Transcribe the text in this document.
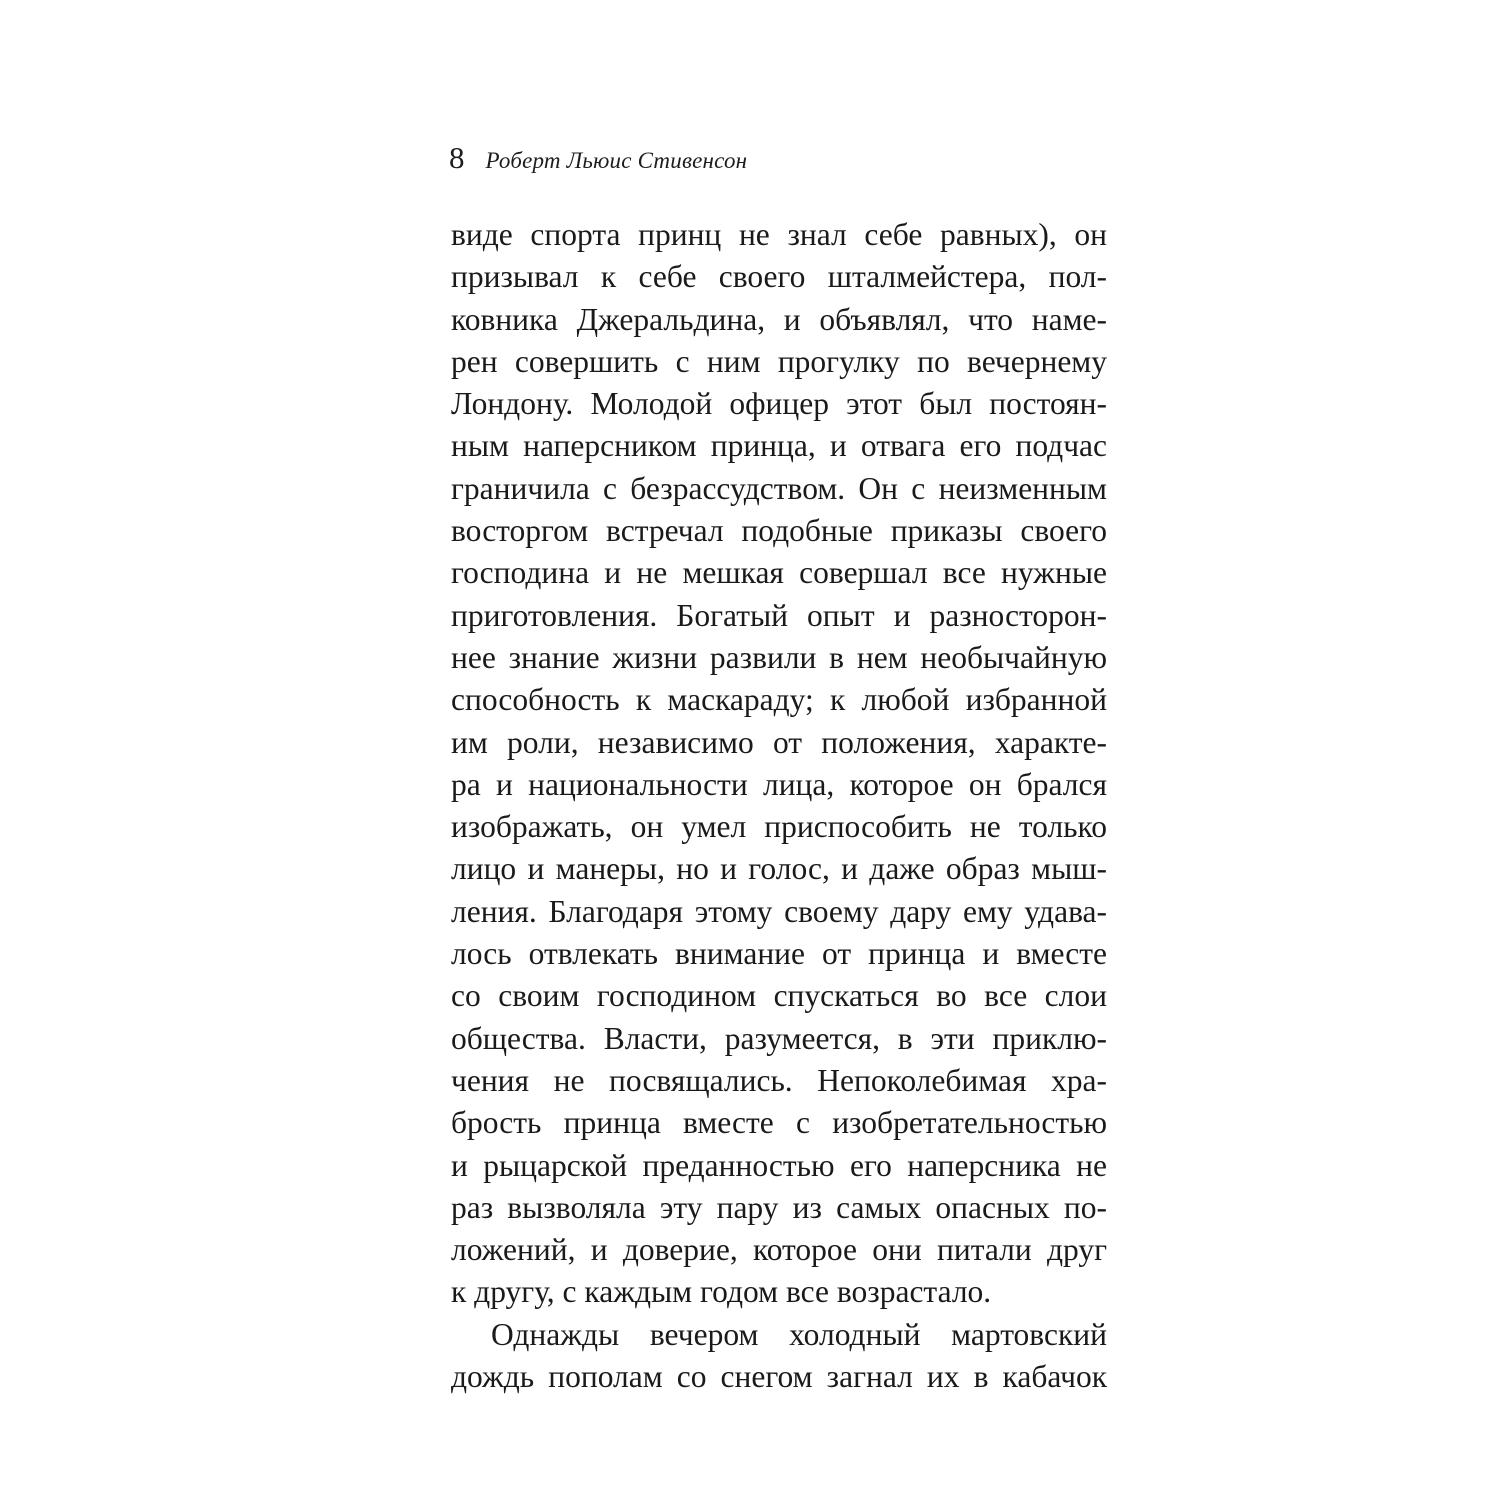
8 Роберт Льюис Стивенсон
виде спорта принц не знал себе равных), он
призывал к себе своего шталмейстера, пол-
ковника Джеральдина, и объявлял, что наме-
рен совершить с ним прогулку по вечернему
Лондону. Молодой офицер этот был постоян-
ным наперсником принца, и отвага его подчас
граничила с безрассудством. Он с неизменным
восторгом встречал подобные приказы своего
господина и не мешкая совершал все нужные
приготовления. Богатый опыт и разносторон-
нее знание жизни развили в нем необычайную
способность к маскараду; к любой избранной
им роли, независимо от положения, характе-
ра и национальности лица, которое он брался
изображать, он умел приспособить не только
лицо и манеры, но и голос, и даже образ мыш-
ления. Благодаря этому своему дару ему удава-
лось отвлекать внимание от принца и вместе
со своим господином спускаться во все слои
общества. Власти, разумеется, в эти приклю-
чения не посвящались. Непоколебимая хра-
брость принца вместе с изобретательностью
и рыцарской преданностью его наперсника не
раз вызволяла эту пару из самых опасных по-
ложений, и доверие, которое они питали друг
к другу, с каждым годом все возрастало.
Однажды вечером холодный мартовский
дождь пополам со снегом загнал их в кабачок
